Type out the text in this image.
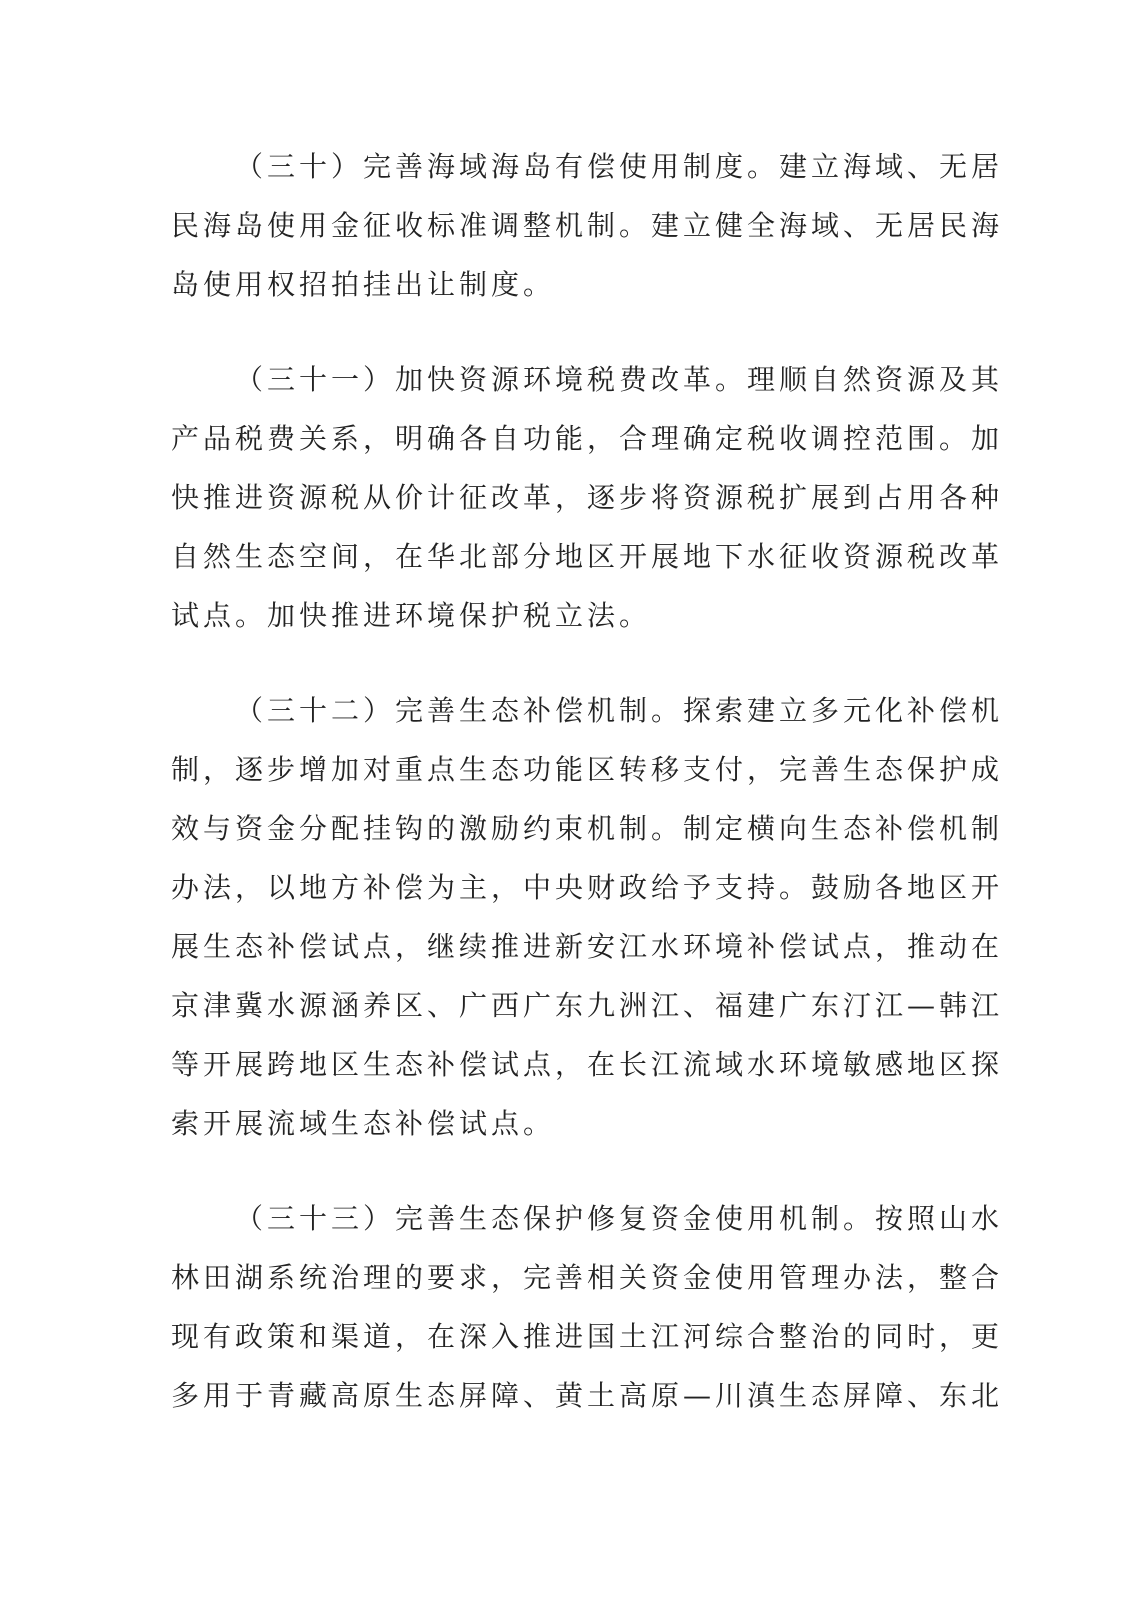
（三十）完善海域海岛有偿使用制度。建立海域、无居
民海岛使用金征收标准调整机制。建立健全海域、无居民海
岛使用权招拍挂出让制度。

（三十一）加快资源环境税费改革。理顺自然资源及其
产品税费关系，明确各自功能，合理确定税收调控范围。加
快推进资源税从价计征改革，逐步将资源税扩展到占用各种
自然生态空间，在华北部分地区开展地下水征收资源税改革
试点。加快推进环境保护税立法。

（三十二）完善生态补偿机制。探索建立多元化补偿机
制，逐步增加对重点生态功能区转移支付，完善生态保护成
效与资金分配挂钩的激励约束机制。制定横向生态补偿机制
办法，以地方补偿为主，中央财政给予支持。鼓励各地区开
展生态补偿试点，继续推进新安江水环境补偿试点，推动在
京津冀水源涵养区、广西广东九洲江、福建广东汀江—韩江
等开展跨地区生态补偿试点，在长江流域水环境敏感地区探
索开展流域生态补偿试点。

（三十三）完善生态保护修复资金使用机制。按照山水
林田湖系统治理的要求，完善相关资金使用管理办法，整合
现有政策和渠道，在深入推进国土江河综合整治的同时，更
多用于青藏高原生态屏障、黄土高原—川滇生态屏障、东北
